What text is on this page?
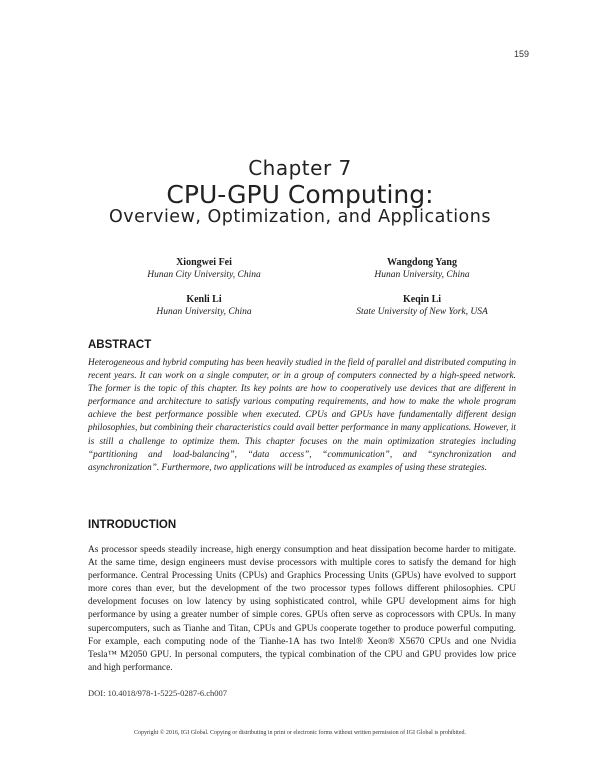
159
Chapter 7
CPU-GPU Computing:
Overview, Optimization, and Applications
Xiongwei Fei
Hunan City University, China
Wangdong Yang
Hunan University, China
Kenli Li
Hunan University, China
Keqin Li
State University of New York, USA
ABSTRACT

Heterogeneous and hybrid computing has been heavily studied in the field of parallel and distributed computing in recent years. It can work on a single computer, or in a group of computers connected by a high-speed network. The former is the topic of this chapter. Its key points are how to cooperatively use devices that are different in performance and architecture to satisfy various computing requirements, and how to make the whole program achieve the best performance possible when executed. CPUs and GPUs have fundamentally different design philosophies, but combining their characteristics could avail better performance in many applications. However, it is still a challenge to optimize them. This chapter focuses on the main optimization strategies including “partitioning and load-balancing”, “data access”, “communication”, and “synchronization and asynchronization”. Furthermore, two applications will be introduced as examples of using these strategies.

INTRODUCTION

As processor speeds steadily increase, high energy consumption and heat dissipation become harder to mitigate. At the same time, design engineers must devise processors with multiple cores to satisfy the demand for high performance. Central Processing Units (CPUs) and Graphics Processing Units (GPUs) have evolved to support more cores than ever, but the development of the two processor types follows different philosophies. CPU development focuses on low latency by using sophisticated control, while GPU development aims for high performance by using a greater number of simple cores. GPUs often serve as coprocessors with CPUs. In many supercomputers, such as Tianhe and Titan, CPUs and GPUs cooperate together to produce powerful computing. For example, each computing node of the Tianhe-1A has two Intel® Xeon® X5670 CPUs and one Nvidia Tesla™ M2050 GPU. In personal computers, the typical combination of the CPU and GPU provides low price and high performance.

DOI: 10.4018/978-1-5225-0287-6.ch007
Copyright © 2016, IGI Global. Copying or distributing in print or electronic forms without written permission of IGI Global is prohibited.
